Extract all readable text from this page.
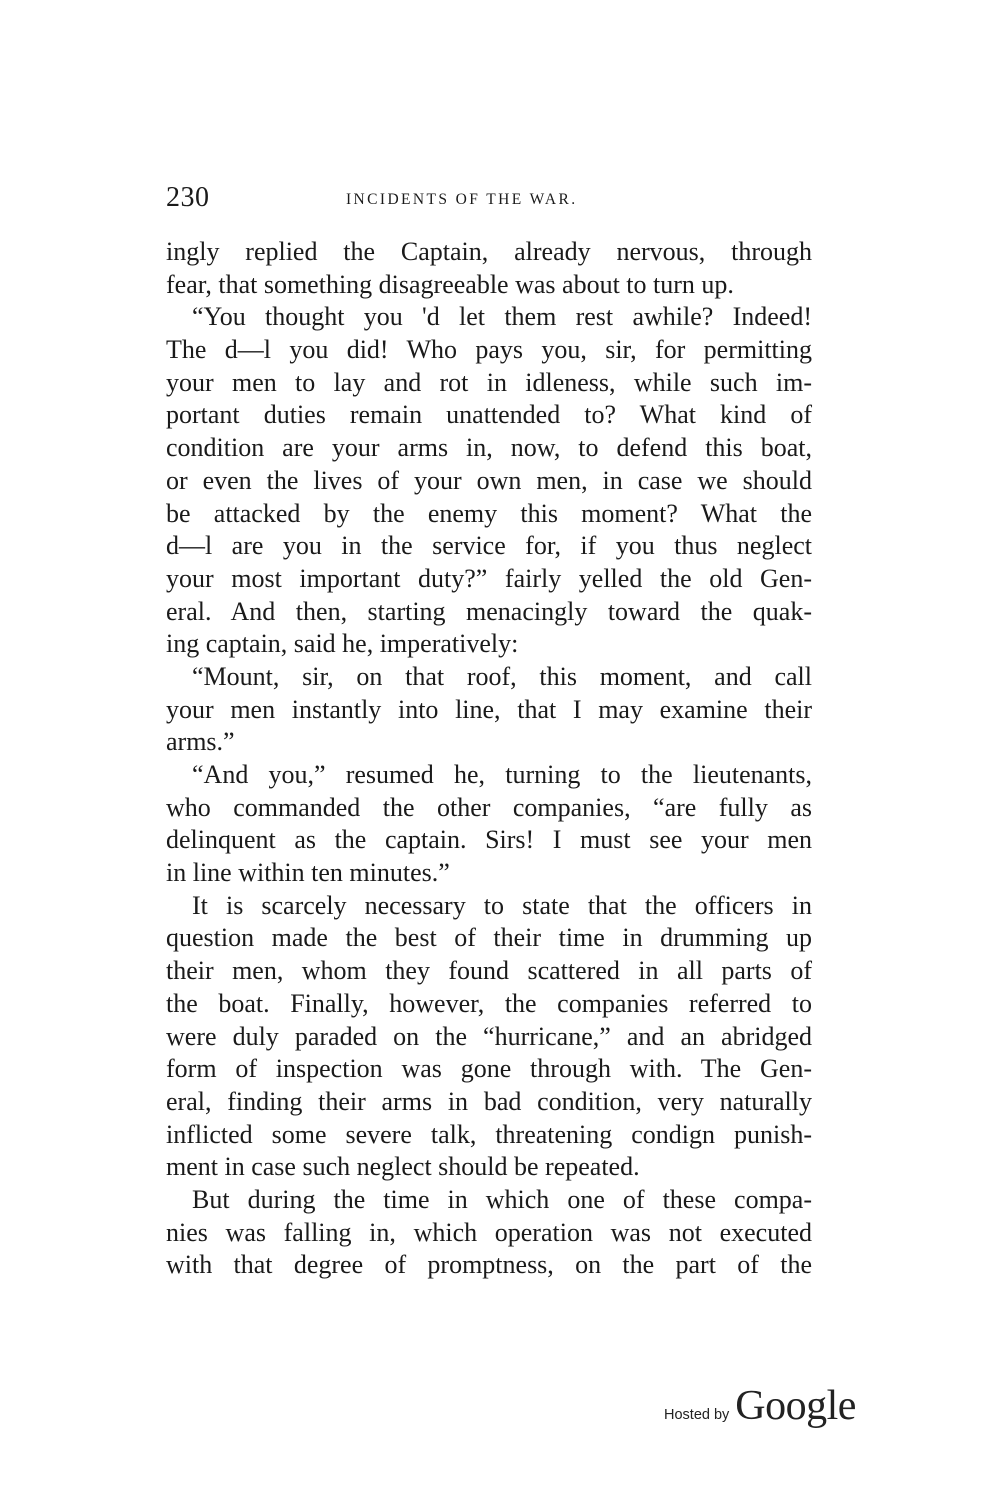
230	INCIDENTS OF THE WAR.
ingly replied the Captain, already nervous, through
fear, that something disagreeable was about to turn up.
“You thought you 'd let them rest awhile? Indeed!
The d—l you did! Who pays you, sir, for permitting
your men to lay and rot in idleness, while such im-
portant duties remain unattended to? What kind of
condition are your arms in, now, to defend this boat,
or even the lives of your own men, in case we should
be attacked by the enemy this moment? What the
d—l are you in the service for, if you thus neglect
your most important duty?” fairly yelled the old Gen-
eral. And then, starting menacingly toward the quak-
ing captain, said he, imperatively:
“Mount, sir, on that roof, this moment, and call
your men instantly into line, that I may examine their
arms.”
“And you,” resumed he, turning to the lieutenants,
who commanded the other companies, “are fully as
delinquent as the captain. Sirs! I must see your men
in line within ten minutes.”
It is scarcely necessary to state that the officers in
question made the best of their time in drumming up
their men, whom they found scattered in all parts of
the boat. Finally, however, the companies referred to
were duly paraded on the “hurricane,” and an abridged
form of inspection was gone through with. The Gen-
eral, finding their arms in bad condition, very naturally
inflicted some severe talk, threatening condign punish-
ment in case such neglect should be repeated.
But during the time in which one of these compa-
nies was falling in, which operation was not executed
with that degree of promptness, on the part of the
Hosted by Google
